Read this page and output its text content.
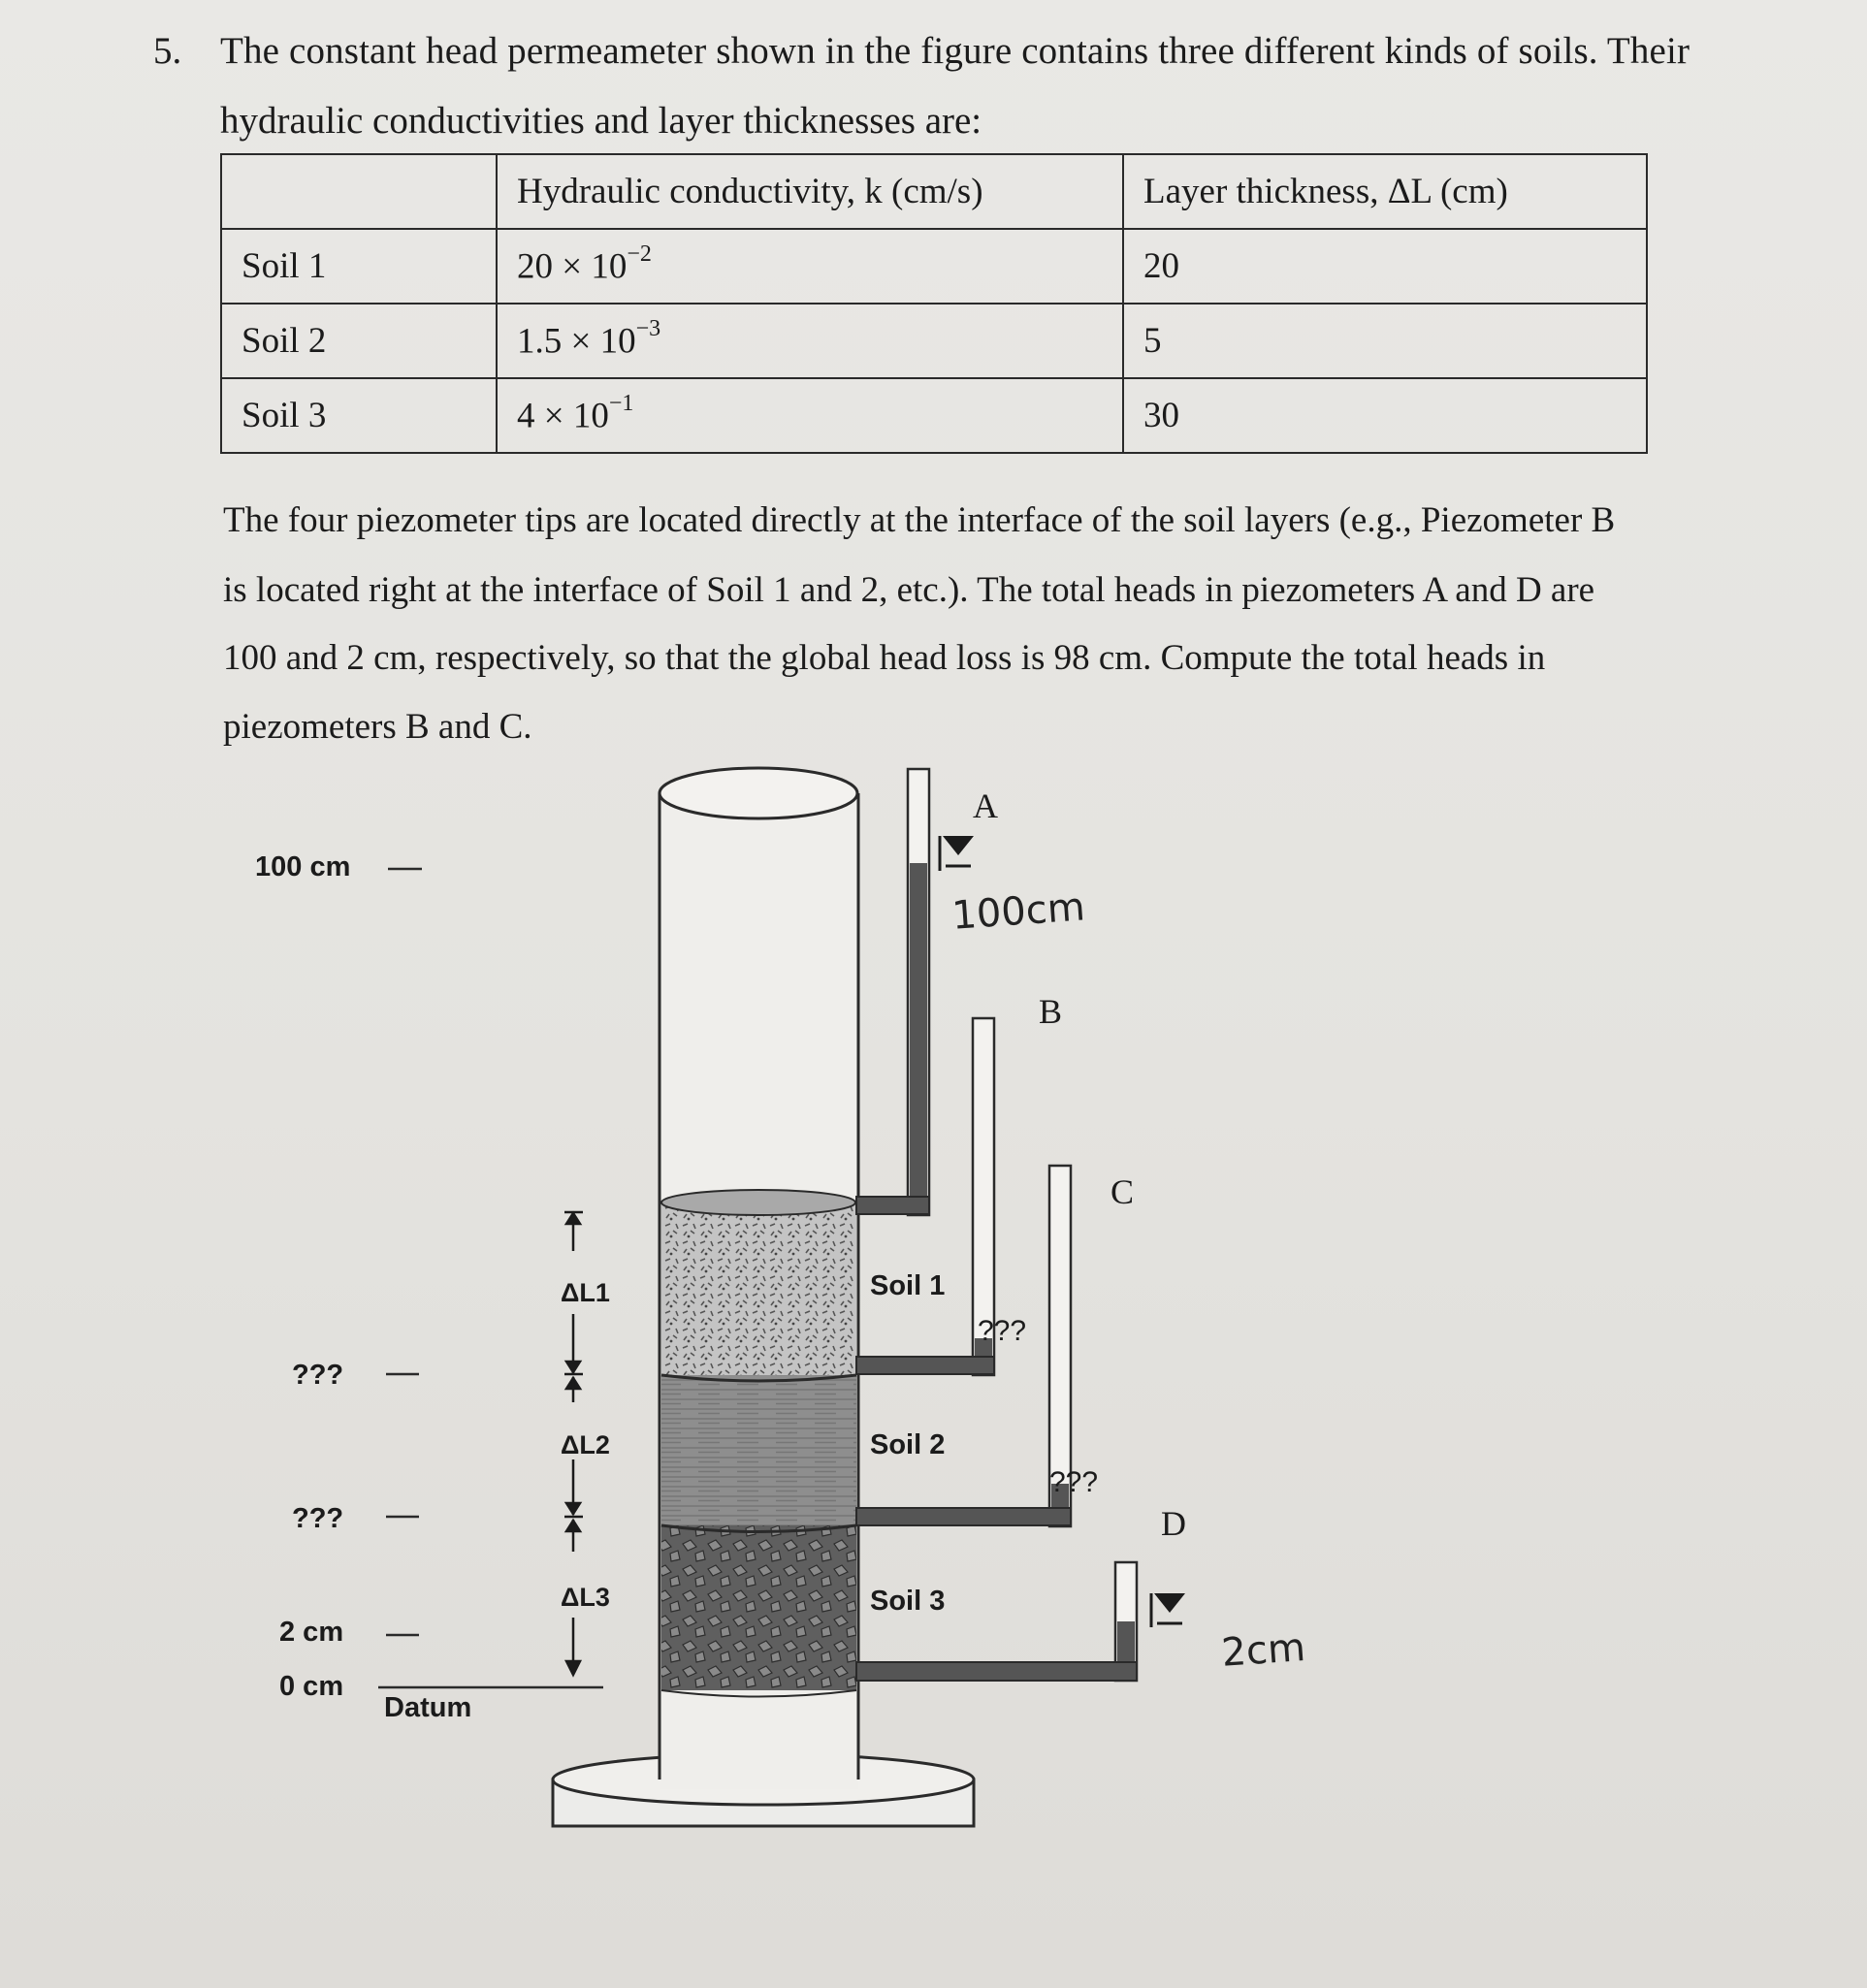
5. The constant head permeameter shown in the figure contains three different kinds of soils. Their
hydraulic conductivities and layer thicknesses are:
	Hydraulic conductivity, k (cm/s)	Layer thickness, ΔL (cm)
Soil 1	$20 \times 10^{-2}$	20
Soil 2	$1.5 \times 10^{-3}$	5
Soil 3	$4 \times 10^{-1}$	30
The four piezometer tips are located directly at the interface of the soil layers (e.g., Piezometer B
is located right at the interface of Soil 1 and 2, etc.). The total heads in piezometers A and D are
100 and 2 cm, respectively, so that the global head loss is 98 cm. Compute the total heads in
piezometers B and C.
100 cm
???
???
2 cm
0 cm
Datum
ΔL1
ΔL2
ΔL3
Soil 1
Soil 2
Soil 3
A
B
C
D
???
???
100cm
2cm
